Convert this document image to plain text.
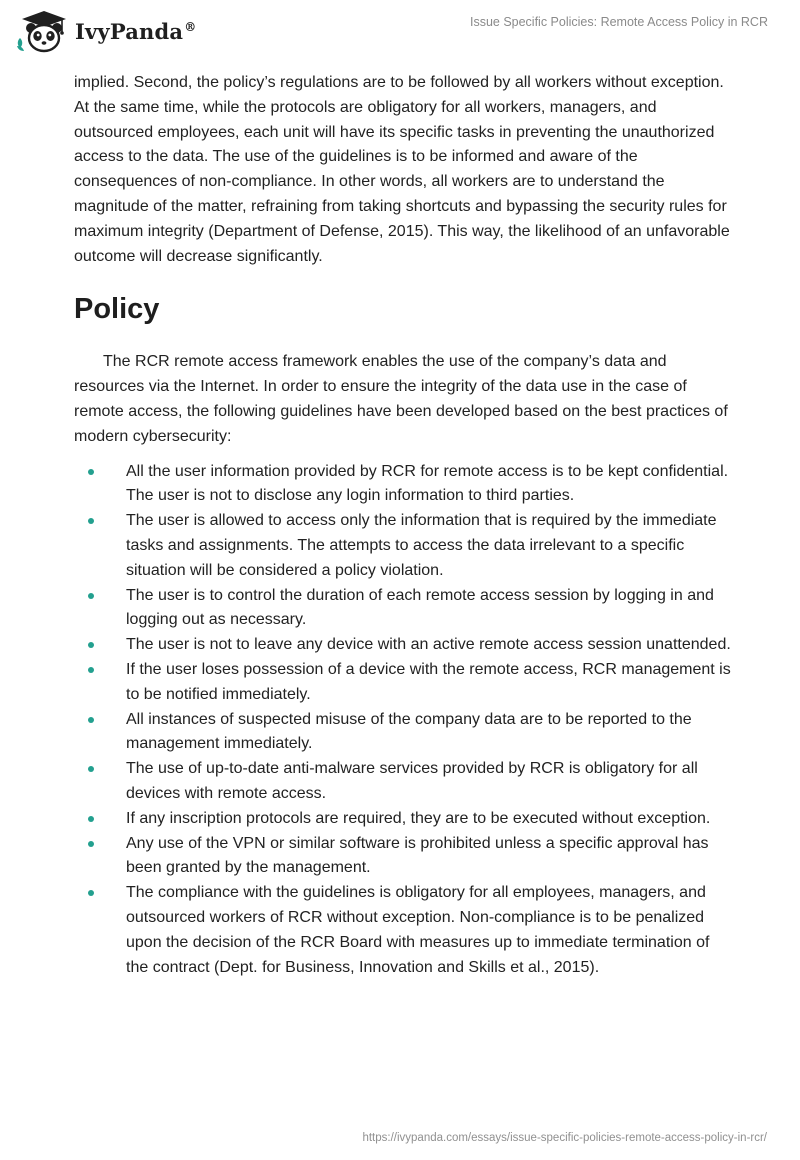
IvyPanda®	Issue Specific Policies: Remote Access Policy in RCR

implied. Second, the policy’s regulations are to be followed by all workers without exception. At the same time, while the protocols are obligatory for all workers, managers, and outsourced employees, each unit will have its specific tasks in preventing the unauthorized access to the data. The use of the guidelines is to be informed and aware of the consequences of non-compliance. In other words, all workers are to understand the magnitude of the matter, refraining from taking shortcuts and bypassing the security rules for maximum integrity (Department of Defense, 2015). This way, the likelihood of an unfavorable outcome will decrease significantly.

Policy

The RCR remote access framework enables the use of the company’s data and resources via the Internet. In order to ensure the integrity of the data use in the case of remote access, the following guidelines have been developed based on the best practices of modern cybersecurity:

All the user information provided by RCR for remote access is to be kept confidential. The user is not to disclose any login information to third parties.
The user is allowed to access only the information that is required by the immediate tasks and assignments. The attempts to access the data irrelevant to a specific situation will be considered a policy violation.
The user is to control the duration of each remote access session by logging in and logging out as necessary.
The user is not to leave any device with an active remote access session unattended.
If the user loses possession of a device with the remote access, RCR management is to be notified immediately.
All instances of suspected misuse of the company data are to be reported to the management immediately.
The use of up-to-date anti-malware services provided by RCR is obligatory for all devices with remote access.
If any inscription protocols are required, they are to be executed without exception.
Any use of the VPN or similar software is prohibited unless a specific approval has been granted by the management.
The compliance with the guidelines is obligatory for all employees, managers, and outsourced workers of RCR without exception. Non-compliance is to be penalized upon the decision of the RCR Board with measures up to immediate termination of the contract (Dept. for Business, Innovation and Skills et al., 2015).
https://ivypanda.com/essays/issue-specific-policies-remote-access-policy-in-rcr/
